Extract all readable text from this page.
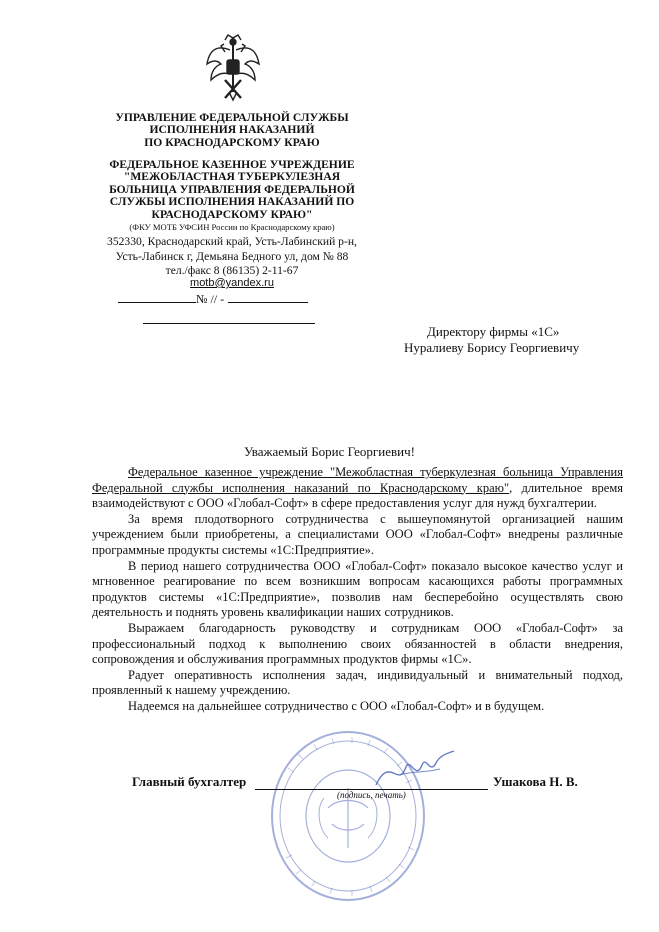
УПРАВЛЕНИЕ ФЕДЕРАЛЬНОЙ СЛУЖБЫ
ИСПОЛНЕНИЯ НАКАЗАНИЙ
ПО КРАСНОДАРСКОМУ КРАЮ
ФЕДЕРАЛЬНОЕ КАЗЕННОЕ УЧРЕЖДЕНИЕ
"МЕЖОБЛАСТНАЯ ТУБЕРКУЛЕЗНАЯ
БОЛЬНИЦА УПРАВЛЕНИЯ ФЕДЕРАЛЬНОЙ
СЛУЖБЫ ИСПОЛНЕНИЯ НАКАЗАНИЙ ПО
КРАСНОДАРСКОМУ КРАЮ"
(ФКУ МОТБ УФСИН России по Краснодарскому краю)
352330, Краснодарский край, Усть-Лабинский р-н,
Усть-Лабинск г, Демьяна Бедного ул, дом № 88
тел./факс 8 (86135) 2-11-67
motb@yandex.ru
№ // -
Директору фирмы «1С»
Нуралиеву Борису Георгиевичу
Уважаемый Борис Георгиевич!

Федеральное казенное учреждение "Межобластная туберкулезная больница Управления Федеральной службы исполнения наказаний по Краснодарскому краю", длительное время взаимодействуют с ООО «Глобал-Софт» в сфере предоставления услуг для нужд бухгалтерии.

За время плодотворного сотрудничества с вышеупомянутой организацией нашим учреждением были приобретены, а специалистами ООО «Глобал-Софт» внедрены различные программные продукты системы «1С:Предприятие».

В период нашего сотрудничества ООО «Глобал-Софт» показало высокое качество услуг и мгновенное реагирование по всем возникшим вопросам касающихся работы программных продуктов системы «1С:Предприятие», позволив нам бесперебойно осуществлять свою деятельность и поднять уровень квалификации наших сотрудников.

Выражаем благодарность руководству и сотрудникам ООО «Глобал-Софт» за профессиональный подход к выполнению своих обязанностей в области внедрения, сопровождения и обслуживания программных продуктов фирмы «1С».

Радует оперативность исполнения задач, индивидуальный и внимательный подход, проявленный к нашему учреждению.

Надеемся на дальнейшее сотрудничество с ООО «Глобал-Софт» и в будущем.

Главный бухгалтер	Ушакова Н. В.
(подпись, печать)
